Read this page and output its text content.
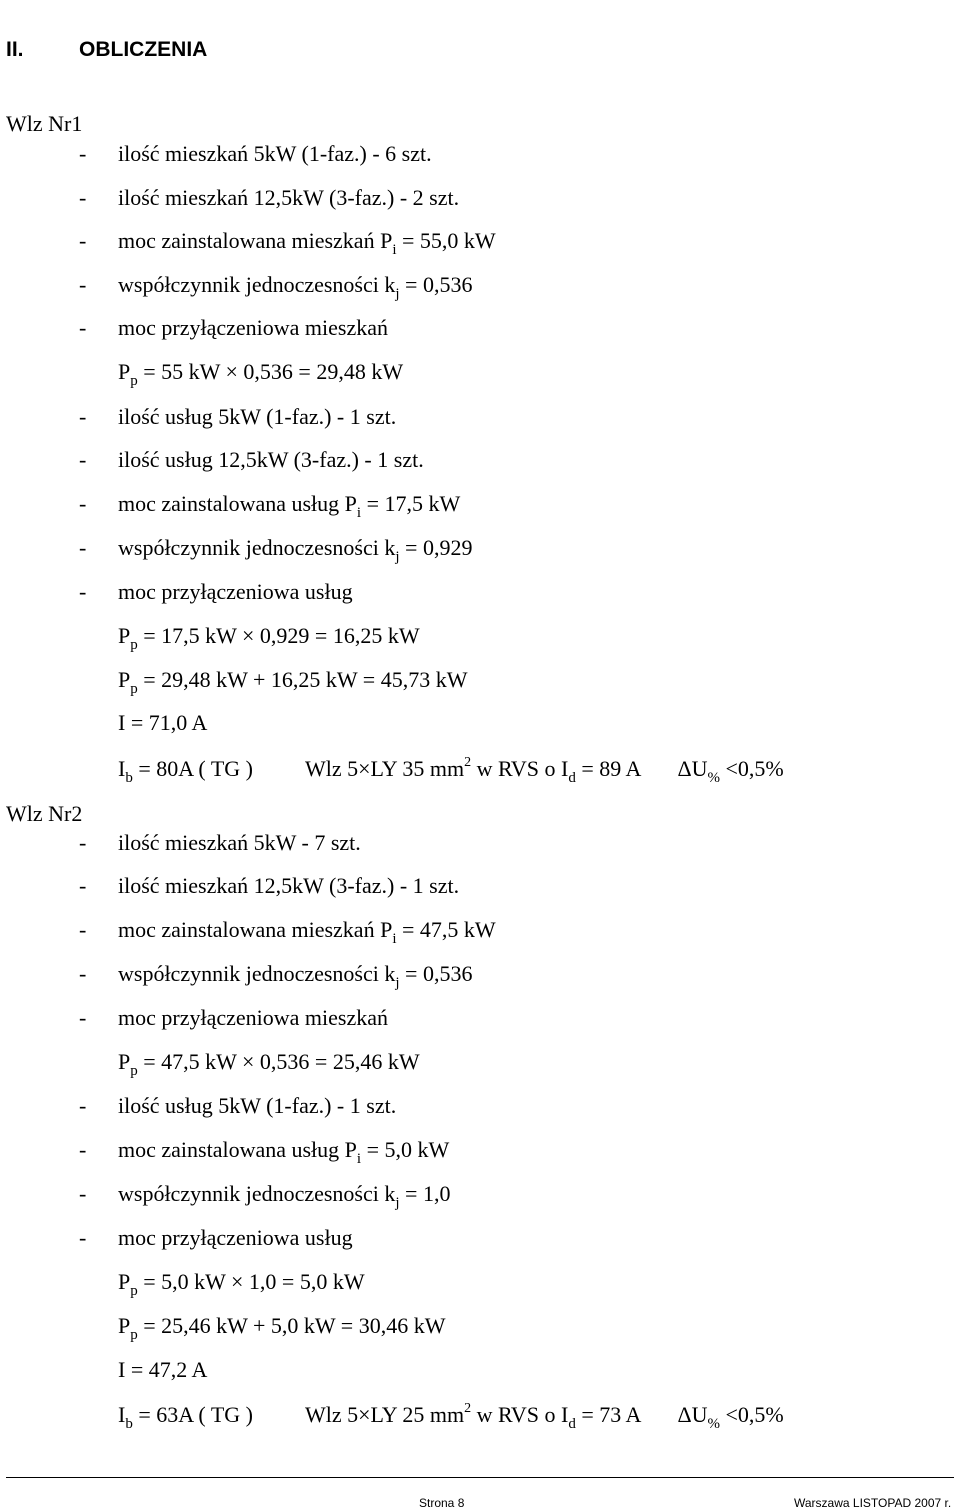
II.	OBLICZENIA
Wlz Nr1
- ilość mieszkań 5kW (1-faz.) - 6 szt.
- ilość mieszkań 12,5kW (3-faz.) - 2 szt.
- moc zainstalowana mieszkań $P_i = 55,0$ kW
- współczynnik jednoczesności $k_j = 0,536$
- moc przyłączeniowa mieszkań
$P_p = 55$ kW × 0,536 = 29,48 kW
- ilość usług 5kW (1-faz.) - 1 szt.
- ilość usług 12,5kW (3-faz.) - 1 szt.
- moc zainstalowana usług $P_i = 17,5$ kW
- współczynnik jednoczesności $k_j = 0,929$
- moc przyłączeniowa usług
$P_p = 17,5$ kW × 0,929 = 16,25 kW
$P_p = 29,48$ kW + 16,25 kW = 45,73 kW
I = 71,0 A
$I_b = 80A$ ( TG ) Wlz 5×LY 35 $mm^2$ w RVS o $I_d = 89$ A $\Delta U_{\%} <0,5\%$
Wlz Nr2
- ilość mieszkań 5kW - 7 szt.
- ilość mieszkań 12,5kW (3-faz.) - 1 szt.
- moc zainstalowana mieszkań $P_i = 47,5$ kW
- współczynnik jednoczesności $k_j = 0,536$
- moc przyłączeniowa mieszkań
$P_p = 47,5$ kW × 0,536 = 25,46 kW
- ilość usług 5kW (1-faz.) - 1 szt.
- moc zainstalowana usług $P_i = 5,0$ kW
- współczynnik jednoczesności $k_j = 1,0$
- moc przyłączeniowa usług
$P_p = 5,0$ kW × 1,0 = 5,0 kW
$P_p = 25,46$ kW + 5,0 kW = 30,46 kW
I = 47,2 A
$I_b = 63A$ ( TG ) Wlz 5×LY 25 $mm^2$ w RVS o $I_d = 73$ A $\Delta U_{\%} <0,5\%$
Strona 8	Warszawa LISTOPAD 2007 r.
